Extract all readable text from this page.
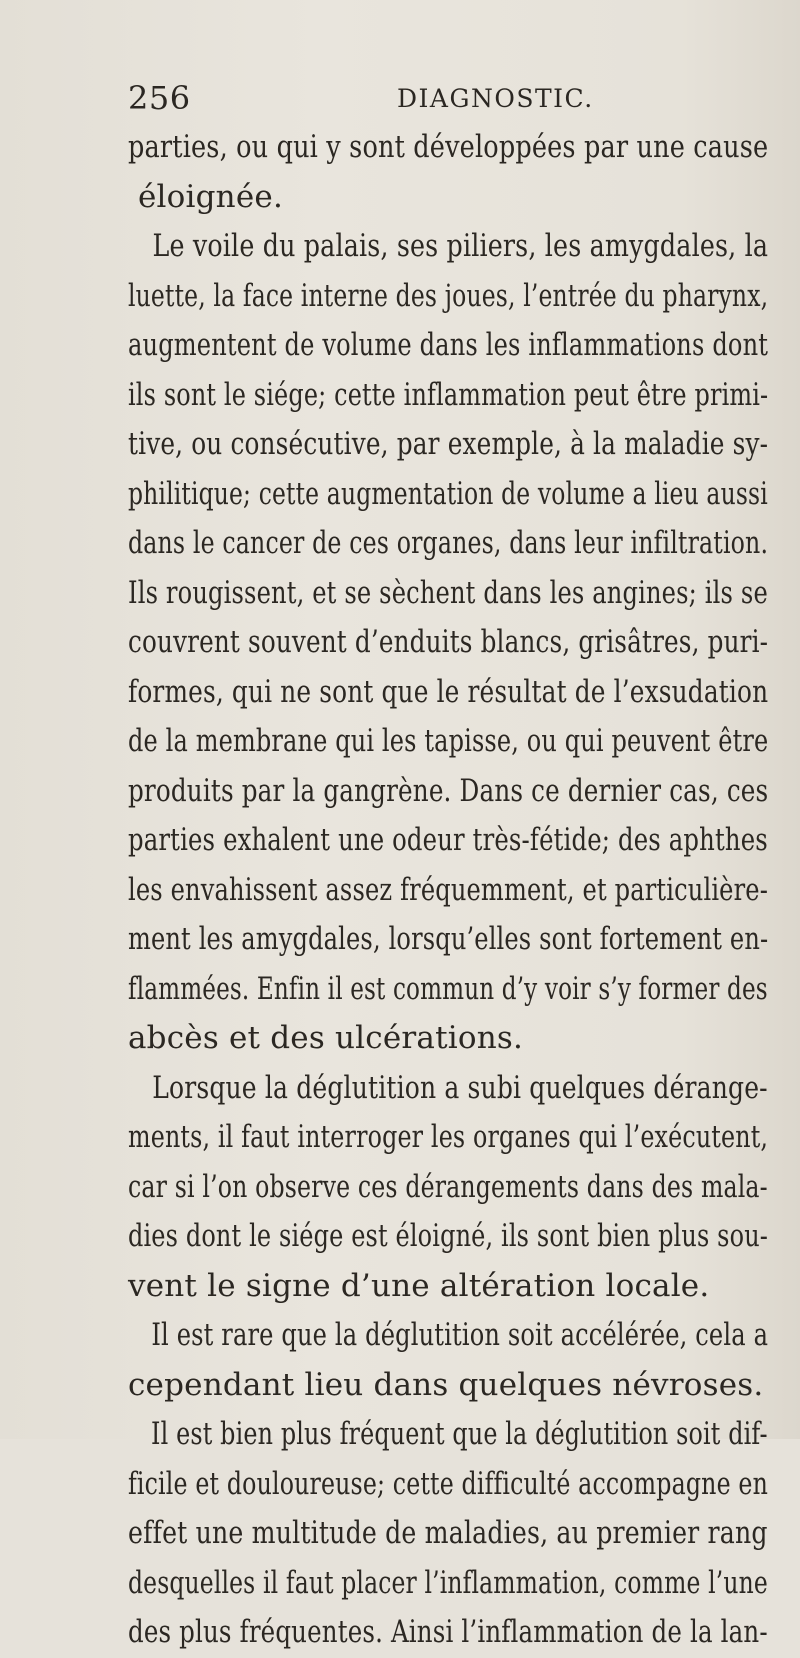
256	DIAGNOSTIC.
parties, ou qui y sont développées par une cause
éloignée.
Le voile du palais, ses piliers, les amygdales, la
luette, la face interne des joues, l’entrée du pharynx,
augmentent de volume dans les inflammations dont
ils sont le siége; cette inflammation peut être primi-
tive, ou consécutive, par exemple, à la maladie sy-
philitique; cette augmentation de volume a lieu aussi
dans le cancer de ces organes, dans leur infiltration.
Ils rougissent, et se sèchent dans les angines; ils se
couvrent souvent d’enduits blancs, grisâtres, puri-
formes, qui ne sont que le résultat de l’exsudation
de la membrane qui les tapisse, ou qui peuvent être
produits par la gangrène. Dans ce dernier cas, ces
parties exhalent une odeur très-fétide; des aphthes
les envahissent assez fréquemment, et particulière-
ment les amygdales, lorsqu’elles sont fortement en-
flammées. Enfin il est commun d’y voir s’y former des
abcès et des ulcérations.
Lorsque la déglutition a subi quelques dérange-
ments, il faut interroger les organes qui l’exécutent,
car si l’on observe ces dérangements dans des mala-
dies dont le siége est éloigné, ils sont bien plus sou-
vent le signe d’une altération locale.
Il est rare que la déglutition soit accélérée, cela a
cependant lieu dans quelques névroses.
Il est bien plus fréquent que la déglutition soit dif-
ficile et douloureuse; cette difficulté accompagne en
effet une multitude de maladies, au premier rang
desquelles il faut placer l’inflammation, comme l’une
des plus fréquentes. Ainsi l’inflammation de la lan-
